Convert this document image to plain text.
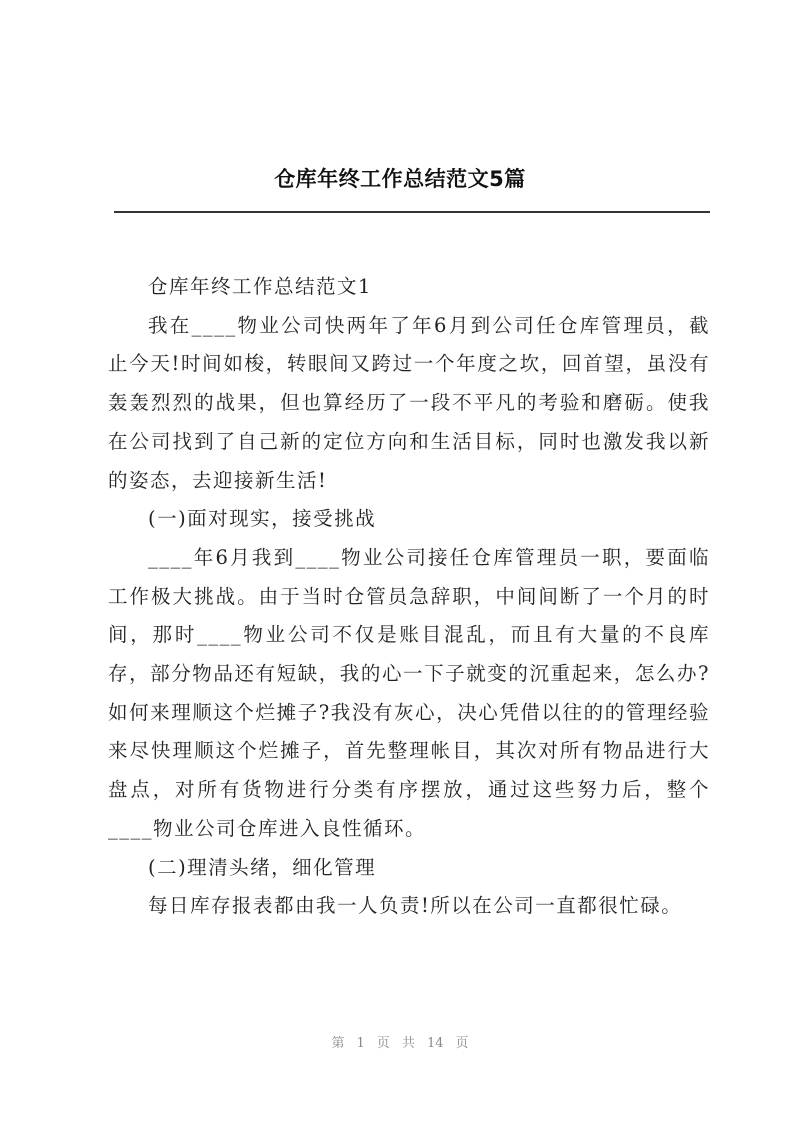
仓库年终工作总结范文5篇

仓库年终工作总结范文1

我在____物业公司快两年了年6月到公司任仓库管理员，截止今天!时间如梭，转眼间又跨过一个年度之坎，回首望，虽没有轰轰烈烈的战果，但也算经历了一段不平凡的考验和磨砺。使我在公司找到了自己新的定位方向和生活目标，同时也激发我以新的姿态，去迎接新生活!

(一)面对现实，接受挑战

____年6月我到____物业公司接任仓库管理员一职，要面临工作极大挑战。由于当时仓管员急辞职，中间间断了一个月的时间，那时____物业公司不仅是账目混乱，而且有大量的不良库存，部分物品还有短缺，我的心一下子就变的沉重起来，怎么办?如何来理顺这个烂摊子?我没有灰心，决心凭借以往的的管理经验来尽快理顺这个烂摊子，首先整理帐目，其次对所有物品进行大盘点，对所有货物进行分类有序摆放，通过这些努力后，整个____物业公司仓库进入良性循环。

(二)理清头绪，细化管理

每日库存报表都由我一人负责!所以在公司一直都很忙碌。

第 1 页 共 14 页
